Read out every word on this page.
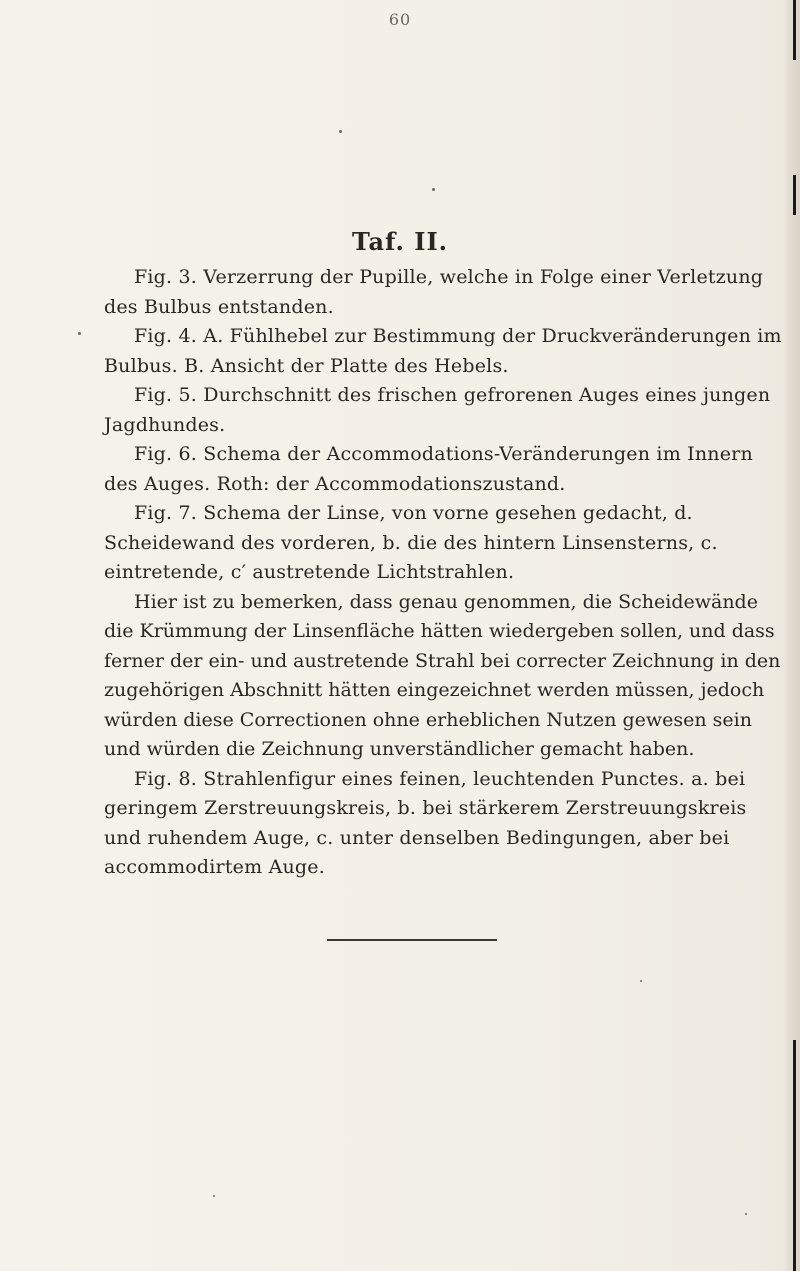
60
Taf. II.

Fig. 3. Verzerrung der Pupille, welche in Folge einer Verletzung des Bulbus entstanden.

Fig. 4. A. Fühlhebel zur Bestimmung der Druckveränderungen im Bulbus. B. Ansicht der Platte des Hebels.

Fig. 5. Durchschnitt des frischen gefrorenen Auges eines jungen Jagdhundes.

Fig. 6. Schema der Accommodations-Veränderungen im Innern des Auges. Roth: der Accommodationszustand.

Fig. 7. Schema der Linse, von vorne gesehen gedacht, d. Scheidewand des vorderen, b. die des hintern Linsensterns, c. eintretende, c′ austretende Lichtstrahlen.

Hier ist zu bemerken, dass genau genommen, die Scheidewände die Krümmung der Linsenfläche hätten wiedergeben sollen, und dass ferner der ein- und austretende Strahl bei correcter Zeichnung in den zugehörigen Abschnitt hätten eingezeichnet werden müssen, jedoch würden diese Correctionen ohne erheblichen Nutzen gewesen sein und würden die Zeichnung unverständlicher gemacht haben.

Fig. 8. Strahlenfigur eines feinen, leuchtenden Punctes. a. bei geringem Zerstreuungskreis, b. bei stärkerem Zerstreuungskreis und ruhendem Auge, c. unter denselben Bedingungen, aber bei accommodirtem Auge.
